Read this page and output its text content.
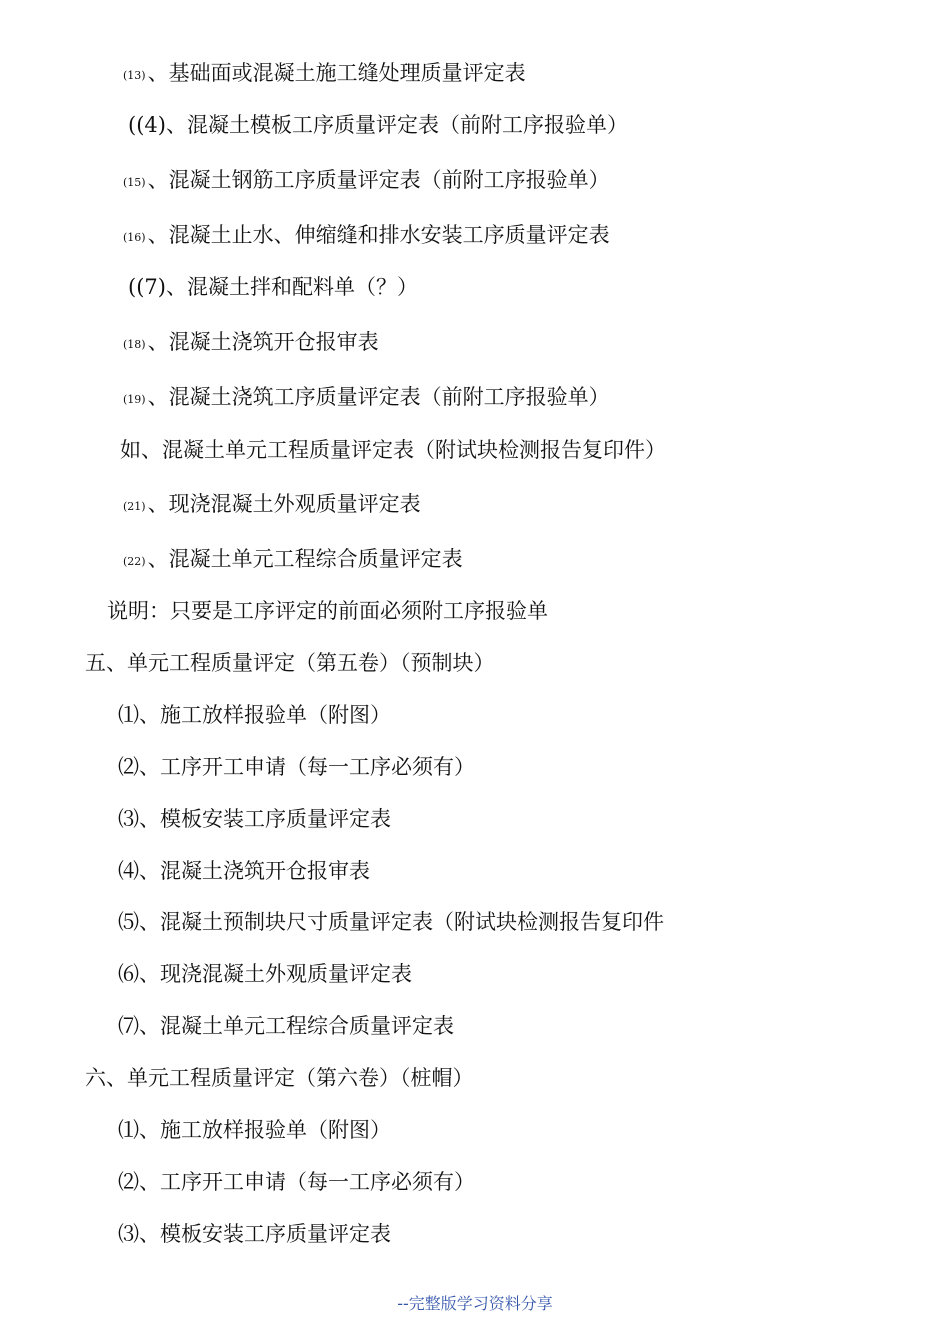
(13)、基础面或混凝土施工缝处理质量评定表
((4)、混凝土模板工序质量评定表（前附工序报验单）
(15)、混凝土钢筋工序质量评定表（前附工序报验单）
(16)、混凝土止水、伸缩缝和排水安装工序质量评定表
((7)、混凝土拌和配料单（？）
(18)、混凝土浇筑开仓报审表
(19)、混凝土浇筑工序质量评定表（前附工序报验单）
如、混凝土单元工程质量评定表（附试块检测报告复印件）
(21)、现浇混凝土外观质量评定表
(22)、混凝土单元工程综合质量评定表
说明：只要是工序评定的前面必须附工序报验单
五、单元工程质量评定（第五卷）（预制块）
⑴、施工放样报验单（附图）
⑵、工序开工申请（每一工序必须有）
⑶、模板安装工序质量评定表
⑷、混凝土浇筑开仓报审表
⑸、混凝土预制块尺寸质量评定表（附试块检测报告复印件
⑹、现浇混凝土外观质量评定表
⑺、混凝土单元工程综合质量评定表
六、单元工程质量评定（第六卷）（桩帽）
⑴、施工放样报验单（附图）
⑵、工序开工申请（每一工序必须有）
⑶、模板安装工序质量评定表
--完整版学习资料分享
